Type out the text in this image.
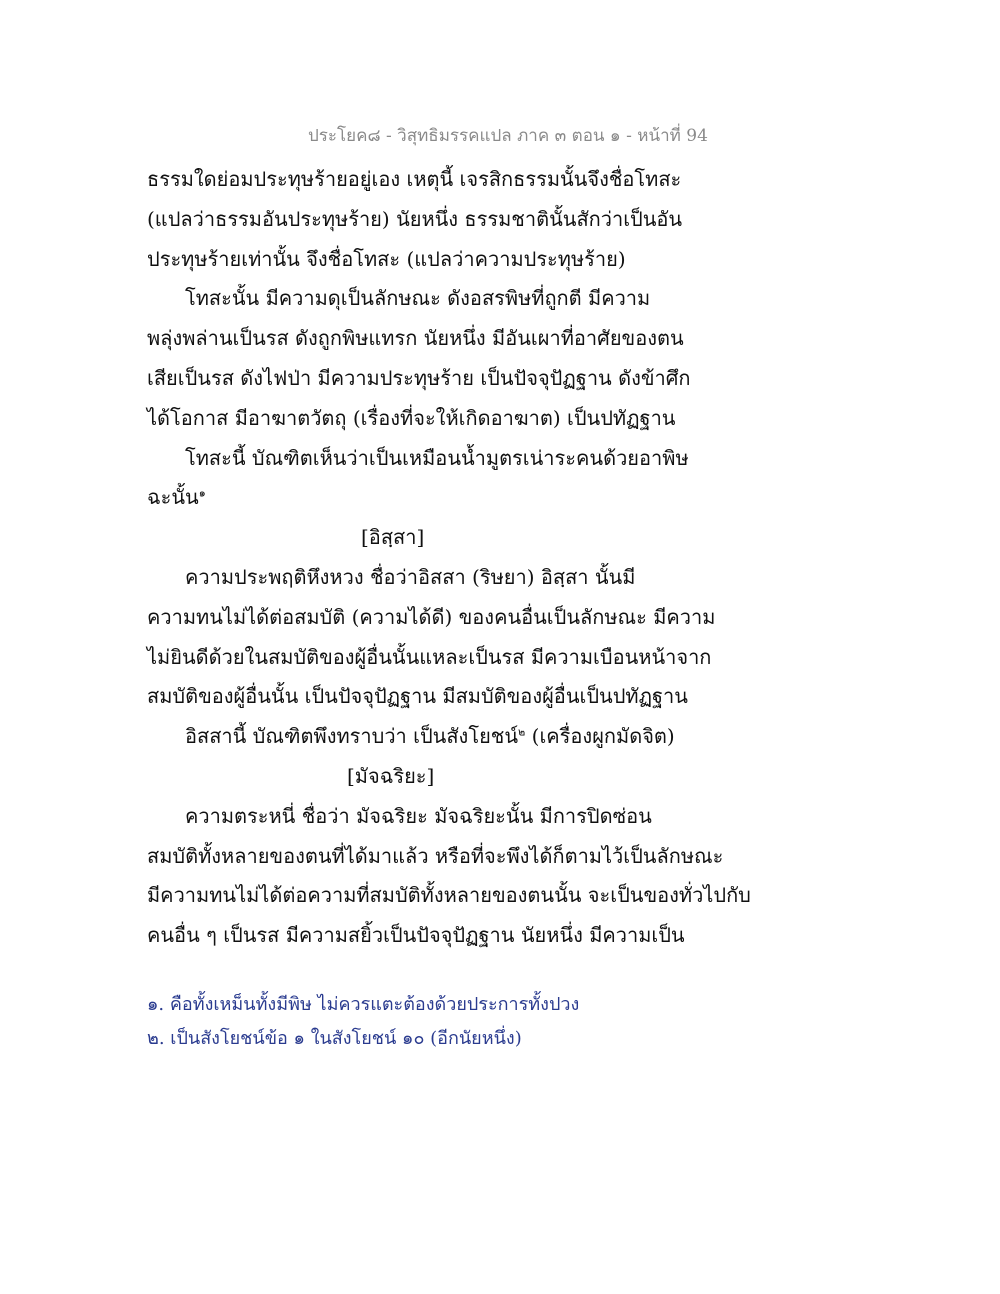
ประโยค๘ - วิสุทธิมรรคแปล ภาค ๓ ตอน ๑ - หน้าที่ 94
ธรรมใดย่อมประทุษร้ายอยู่เอง เหตุนี้ เจรสิกธรรมนั้นจึงชื่อโทสะ
(แปลว่าธรรมอันประทุษร้าย) นัยหนึ่ง ธรรมชาตินั้นสักว่าเป็นอัน
ประทุษร้ายเท่านั้น จึงชื่อโทสะ (แปลว่าความประทุษร้าย)
โทสะนั้น มีความดุเป็นลักษณะ ดังอสรพิษที่ถูกตี มีความ
พลุ่งพล่านเป็นรส ดังถูกพิษแทรก นัยหนึ่ง มีอันเผาที่อาศัยของตน
เสียเป็นรส ดังไฟป่า มีความประทุษร้าย เป็นปัจจุปัฏฐาน ดังข้าศึก
ได้โอกาส มีอาฆาตวัตถุ (เรื่องที่จะให้เกิดอาฆาต) เป็นปทัฏฐาน
โทสะนี้ บัณฑิตเห็นว่าเป็นเหมือนน้ำมูตรเน่าระคนด้วยอาพิษ
ฉะนั้น$^๑$
[อิสฺสา]
ความประพฤติหึงหวง ชื่อว่าอิสสา (ริษยา) อิสฺสา นั้นมี
ความทนไม่ได้ต่อสมบัติ (ความได้ดี) ของคนอื่นเป็นลักษณะ มีความ
ไม่ยินดีด้วยในสมบัติของผู้อื่นนั้นแหละเป็นรส มีความเบือนหน้าจาก
สมบัติของผู้อื่นนั้น เป็นปัจจุปัฏฐาน มีสมบัติของผู้อื่นเป็นปทัฏฐาน
อิสสานี้ บัณฑิตพึงทราบว่า เป็นสังโยชน์$^๒$ (เครื่องผูกมัดจิต)
[มัจฉริยะ]
ความตระหนี่ ชื่อว่า มัจฉริยะ มัจฉริยะนั้น มีการปิดซ่อน
สมบัติทั้งหลายของตนที่ได้มาแล้ว หรือที่จะพึงได้ก็ตามไว้เป็นลักษณะ
มีความทนไม่ได้ต่อความที่สมบัติทั้งหลายของตนนั้น จะเป็นของทั่วไปกับ
คนอื่น ๆ เป็นรส มีความสยิ้วเป็นปัจจุปัฏฐาน นัยหนึ่ง มีความเป็น
๑. คือทั้งเหม็นทั้งมีพิษ ไม่ควรแตะต้องด้วยประการทั้งปวง
๒. เป็นสังโยชน์ข้อ ๑ ในสังโยชน์ ๑๐ (อีกนัยหนึ่ง)
